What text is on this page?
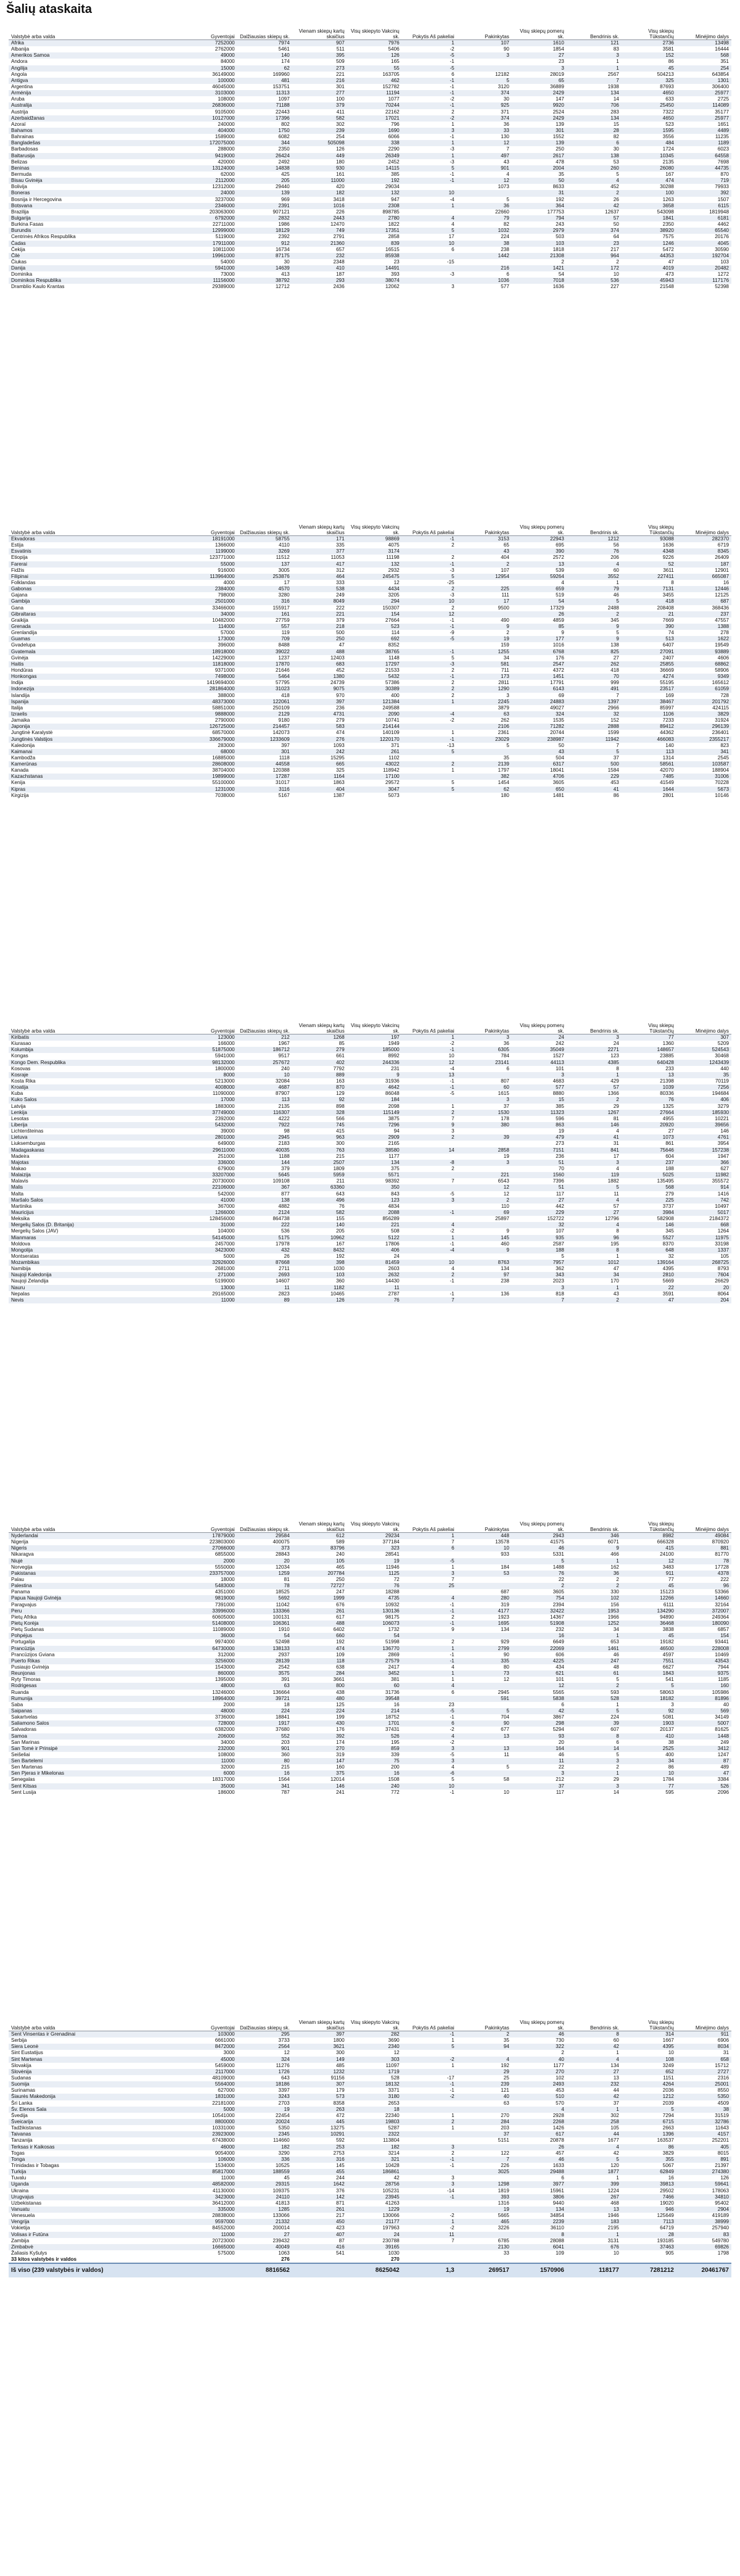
Šalių ataskaita
Valstybė arba valda	Gyventojai	Dalžiausias skiepų sk.	Vienam skiepų kartų skaičius	Visų skiepyto Vakcinų sk.	Pokytis Aš pakeliai	Pakinkytas	Visų skiepų pomerų sk.	Bendrinis sk.	Visų skiepų Tūkstančių	Minėjimo dalys
Afrika	7252000	7974	907	7976	1	107	1610	121	2736	13498
Albanija	2762000	5461	511	5406	-2	90	1854	83	3581	16444
Amerikos Samoa	49000	140	395	126	-5	3	27	3	152	568
Andora	84000	174	509	165	-1		23	1	86	351
Angilija	15000	62	273	55	-5		3	1	45	254
Angola	36149000	169960	221	163705	6	12182	28019	2567	504213	643854
Antigva	100000	481	216	462	-1	5	65	7	325	1301
Argentina	46045000	153751	301	152782	-1	3120	36889	1938	87693	306400
Armėnija	3103000	11313	277	11194	-1	374	2429	134	4650	25977
Aruba	108000	1097	100	1077	-2	30	147	14	633	2725
Australija	26836000	71188	379	70244	-1	925	9920	706	25450	114089
Austrija	9105000	22443	411	22162	2	371	2524	283	7322	35177
Azerbaidžanas	10127000	17396	582	17021	-2	374	2429	134	4650	25977
Azoraï	240000	802	302	796	1	36	139	15	523	1651
Bahamos	404000	1750	239	1690	3	33	301	28	1595	4489
Bahrainas	1589000	6082	254	6066	-1	130	1552	82	3556	11235
Bangladešas	172075000	344	505098	338	1	12	139	6	484	1189
Barbadosas	288000	2350	126	2290	-3	7	250	30	1724	6023
Baltarusija	9419000	26424	449	26349	1	497	2617	138	10345	64558
Belizas	420000	2492	180	2452	-3	43	478	53	2135	7698
Beninas	13124000	14838	930	14115	5	901	2004	260	26080	44735
Bermuda	62000	425	161	385	-1	4	35	5	167	870
Bisau Gvinėja	2112000	205	11000	192	-1	12	50	4	474	719
Bolivija	12312000	29440	420	29034		1073	8633	452	30288	79933
Boneras	24000	139	182	132	10		31	2	100	392
Bosnija ir Hercegovina	3237000	969	3418	947	-4	5	192	26	1263	1507
Botsvana	2346000	2391	1016	2308	1	36	364	42	3658	6115
Brazilija	203063000	907121	226	898785		22660	177753	12637	543098	1819948
Bulgarija	6792000	2832	2443	2780	4	79	794	57	1841	6181
Burkina Fasas	22711000	1986	12470	1822	4	82	243	50	2350	4462
Burundis	12999000	18129	749	17351	5	1032	2979	374	38920	65540
Centrinės Afrikos Respublika	5119000	2392	2791	2858	17	224	503	64	7575	20176
Čadas	17911000	912	21360	839	10	38	103	23	1246	4045
Čekija	10811000	16734	657	16515	6	238	1818	217	5472	30590
Čilė	19961000	87175	232	85938		1442	21308	964	44353	192704
Čiukas	54000	30	2348	23	-15		2	2	47	103
Danija	5941000	14639	410	14491		216	1421	172	4019	20482
Dominika	73000	413	187	393	-3	6	54	10	473	1272
Dominikos Respublika	11156000	38792	293	38074		1036	7018	536	45943	117176
Dramblio Kaulo Krantas	29389000	12712	2436	12062	3	577	1636	227	21548	52398
Valstybė arba valda	Gyventojai	Dalžiausias skiepų sk.	Vienam skiepų kartų skaičius	Visų skiepyto Vakcinų sk.	Pokytis Aš pakeliai	Pakinkytas	Visų skiepų pomerų sk.	Bendrinis sk.	Visų skiepų Tūkstančių	Minėjimo dalys
Ekvadoras	18191000	58755	171	98869	-1	3153	22943	1212	93088	282370
Estija	1366000	4110	335	4075	2	65	695	56	1636	6719
Esvatinis	1199000	3269	377	3174		43	390	76	4348	8345
Etiopija	123771000	11512	11053	11198	2	404	2572	206	9226	26409
Farerai	55000	137	417	132	-1	2	13	4	52	187
Fidžis	916000	3005	312	2932	-3	107	539	60	3611	12901
Filipinai	113964000	253876	464	245475	5	12954	59264	3552	227411	665087
Folklandas	4000	17	333	12	-25		4	1	8	16
Gabonas	2384000	4570	538	4434	2	225	659	79	7131	12446
Gajana	798000	3280	249	3205	-3	111	519	46	3455	12125
Gambija	2501000	316	8049	294	10	17	54	5	418	687
Gana	33466000	155917	222	150307	2	9500	17329	2488	208408	368436
Gibraltaras	34000	161	221	154	12		26	2	21	237
Graikija	10482000	27759	379	27664	-1	490	4859	345	7669	47557
Grenada	114000	557	218	523	-1	9	85	9	390	1388
Grenlandija	57000	119	500	114	-9	2	9	5	74	278
Guamas	173000	709	250	692	-5	19	177	9	513	1622
Gvadelupa	396000	8488	47	8352		159	1016	138	6407	19549
Gvatemala	18918000	39022	488	38765	-1	1255	6768	825	27091	93889
Gvinėja	14229000	1237	12403	1148	5	34	176	27	2407	4606
Haitis	11818000	17870	683	17297	-3	581	2547	262	25855	68862
Hondūras	9371000	21646	452	21533	2	711	4372	418	36669	58906
Honkongas	7498000	5464	1380	5432	-1	173	1451	70	4274	9349
Indija	1419694000	57795	24739	57386	2	2811	17791	999	55195	165612
Indonezija	281864000	31023	9075	30389	2	1290	6143	491	23517	61059
Islandija	388000	418	970	400	2	3	69	7	169	728
Ispanija	48373000	122061	397	121384	1	2245	24883	1397	38467	201792
Italija	58851000	250109	236	249588		3879	49027	2966	85997	424115
Izraelis	9888000	2129	4731	2090	-4	63	324	32	1106	3829
Jamaika	2790000	9180	279	10741	-2	262	1535	152	7233	31924
Japonija	126725000	214457	583	214144		2106	71282	2888	89412	296139
Jungtinė Karalystė	68570000	142073	474	140109	1	2361	20744	1599	44362	236401
Jungtinės Valstijos	336679000	1233609	276	1220170	-1	23029	238987	11942	466083	2355217
Kaledonija	283000	397	1093	371	-13	5	50	7	140	823
Kaimanai	68000	301	242	261	5		43	5	113	341
Kambodža	16885000	1118	15295	1102		35	504	37	1314	2545
Kamerūnas	28608000	44558	665	43022	2	2139	6317	500	58561	103587
Kanada	38704000	120388	325	118942	1	1797	18041	1584	42070	188904
Kazachstanas	19899000	17287	1164	17100		382	4706	229	7485	31006
Kenija	55100000	31017	1863	29572	5	1454	3605	453	41549	70228
Kipras	1231000	3116	404	3047	5	62	650	41	1644	5673
Kirgizija	7038000	5167	1387	5073		180	1481	86	2801	10146
Valstybė arba valda	Gyventojai	Dalžiausias skiepų sk.	Vienam skiepų kartų skaičius	Visų skiepyto Vakcinų sk.	Pokytis Aš pakeliai	Pakinkytas	Visų skiepų pomerų sk.	Bendrinis sk.	Visų skiepų Tūkstančių	Minėjimo dalys
Kiribatis	123000	212	1268	197	1	3	24	3	77	307
Kiurasao	166000	1967	85	1949	-2	36	242	24	1360	5209
Kolumbija	51875000	186712	279	185000	-1	6305	35049	2271	148657	524543
Kongas	5941000	9517	661	8992	10	784	1527	123	23885	30468
Kongo Dem. Respublika	98132000	257672	402	244336	12	23141	44113	4385	640428	1243439
Kosovas	1800000	240	7792	231	-4	6	101	8	233	440
Kosraje	8000	10	889	9	13		3	1	13	35
Kosta Rika	5213000	32084	163	31936	-1	807	4683	429	21398	70119
Kroatija	4008000	4687	870	4642	-1	60	577	57	1039	7256
Kuba	11090000	87907	129	86048	-5	1615	8880	1366	80336	194684
Kuko Salos	17000	113	92	184		3	15	2	76	406
Latvija	1883000	2135	898	2098	1	37	385	29	1325	3279
Lenkija	37749000	116307	328	115149	2	1530	11323	1267	27664	185930
Lesotas	2392000	4222	566	3875	7	178	596	81	4955	10221
Liberija	5432000	7922	745	7296	9	380	863	146	20920	39656
Lichtenšteinas	39000	98	415	94	3		19	4	27	146
Lietuva	2801000	2945	963	2909	2	39	479	41	1073	4761
Liuksemburgas	649000	2183	300	2165			273	31	861	3954
Madagaskaras	29611000	40035	763	38580	14	2858	7151	841	75646	157238
Madeira	251000	1188	215	1177		19	236	17	604	1947
Majotas	336000	144	2507	134	-8	3	51	3	237	366
Makao	679000	379	1809	375	2		70	4	188	627
Malaizija	33207000	5645	5959	5571		221	1560	119	5025	11982
Malavis	20730000	109108	211	98392	7	6543	7396	1882	135495	355572
Malis	22106000	367	63360	350		12	51	5	568	914
Malta	542000	877	643	843	-5	12	117	11	279	1416
Maršalo Salos	41000	138	496	123	3	2	27	4	225	742
Martinika	367000	4882	76	4834		110	442	57	3737	10497
Mauricijus	1266000	2124	582	2088	-1	69	229	27	3984	5017
Meksika	128456000	864738	155	856289		25897	152722	12796	582908	2184372
Mergelių Salos (D. Britanija)	31000	222	140	221	4		32	4	146	668
Mergelių Salos (JAV)	104000	536	205	508	-2	9	107	8	345	1264
Mianmaras	54145000	5175	10962	5122	1	145	935	96	5527	11975
Moldova	2457000	17978	167	17806	-1	460	2587	195	8370	33198
Mongolija	3423000	432	8432	406	-4	9	188	8	648	1337
Montseratas	5000	26	192	24			5	1	32	105
Mozambikas	32926000	87668	398	81459	10	8763	7957	1012	139164	268725
Namibija	2681000	2711	1030	2603	4	134	362	47	4395	8793
Naujoji Kaledonija	271000	2693	103	2632	2	97	343	34	2810	7604
Naujoji Zelandija	5199000	14607	360	14430	-1	238	2023	170	5669	26629
Nauru	13000	11	1182	11			3	1	22	20
Nepalas	29165000	2823	10465	2787	-1	136	818	43	3591	8064
Nevis	11000	89	126	76	7		7	2	47	204
Valstybė arba valda	Gyventojai	Dalžiausias skiepų sk.	Vienam skiepų kartų skaičius	Visų skiepyto Vakcinų sk.	Pokytis Aš pakeliai	Pakinkytas	Visų skiepų pomerų sk.	Bendrinis sk.	Visų skiepų Tūkstančių	Minėjimo dalys
Nyderlandai	17879000	29584	612	29234	1	448	2943	346	8982	49084
Nigerija	223803000	400075	589	377184	7	13578	41575	6071	666328	870920
Nigeris	27066000	373	83796	323	6	10	46	9	415	881
Nikaragva	6855000	28843	240	28541		933	5331	466	24100	81770
Niujė	2000	20	105	19	-5		5	1	12	78
Norvegija	5550000	12034	465	11946	1	184	1488	162	3483	17728
Pakistanas	233757000	1259	207784	1125	3	53	76	36	911	4378
Palau	18000	81	250	72	7		22	2	77	222
Palestina	5483000	78	72727	76	25		2	2	45	96
Panama	4351000	18525	247	18288		687	3605	330	15123	53366
Papua Naujoji Gvinėja	9819000	5692	1999	4735	4	280	754	102	12266	14660
Paragvajus	7391000	11042	676	10932	-1	319	2394	156	6111	32164
Peru	33996000	133366	261	130136	-1	4177	32422	1953	134290	372007
Pietų Afrika	60605000	100131	617	98175	2	1923	14367	1966	94890	249364
Pietų Korėja	51408000	106361	488	106073	-1	1695	51908	1252	36468	180090
Pietų Sudanas	11089000	1910	6402	1732	9	134	232	34	3838	6857
Pohpėjus	36000	54	660	54			16	1	45	154
Portugalija	9974000	52498	192	51998	2	929	6649	653	19182	93441
Prancūzija	64730000	138133	474	136770	1	2799	22069	1461	46500	228008
Prancūzijos Gviana	312000	2937	109	2869	-1	90	606	46	4597	10469
Puerto Rikas	3256000	28139	118	27579	-1	335	4225	247	7551	43543
Pusiaujo Gvinėja	1543000	2542	638	2417	4	80	434	48	6627	7944
Reunjonas	860000	3575	284	3452	1	73	621	61	1843	9375
Ryty Timoras	1395000	391	3661	381	1	12	101	5	541	1185
Rodrigesas	48000	63	800	60	4		12	2	5	160
Ruanda	13246000	136664	438	31736	6	2945	5565	593	58063	105986
Rumunija	18964000	39721	480	39548		591	5838	528	18182	81896
Saba	2000	18	125	16	23		6	1	3	40
Saipanas	48000	224	224	214	-5	5	42	5	92	569
Sakartvelas	3736000	18841	199	18752	-1	704	3867	224	5081	34149
Saliamono Salos	728000	1917	430	1701	6	90	298	39	1903	5007
Salvadoras	6382000	37680	176	37431	-2	677	5294	607	20137	81625
Samoa	206000	552	392	526	4	13	93	8	410	1448
San Marinas	34000	203	174	195	-2		20	6	38	249
San Tomė ir Prinsipė	232000	901	270	859	3	13	164	14	2525	3412
Seišeliai	108000	360	319	339	-5	11	46	5	400	1247
Sen Bartelemi	11000	80	147	75	3		11	3	34	87
Sen Martenas	32000	215	160	200	4	5	22	2	86	489
Sen Pjeras ir Mikelonas	6000	16	375	16	-6		3	1	10	47
Senegalas	18317000	1564	12014	1508	5	58	212	29	1784	3384
Sent Kitsas	35000	341	146	240	10		37	3	77	526
Sent Lusija	186000	787	241	772	-1	10	117	14	595	2096
Valstybė arba valda	Gyventojai	Dalžiausias skiepų sk.	Vienam skiepų kartų skaičius	Visų skiepyto Vakcinų sk.	Pokytis Aš pakeliai	Pakinkytas	Visų skiepų pomerų sk.	Bendrinis sk.	Visų skiepų Tūkstančių	Minėjimo dalys
Sent Vinsentas ir Grenadinai	103000	295	397	282	-1	2	46	8	314	911
Serbija	6661000	3733	1800	3690	1	35	730	60	1667	6906
Siera Leonė	8472000	2564	3621	2340	5	94	322	42	4395	8034
Sint Eustatijus	3000	12	300	12			2	1	10	31
Sint Martenas	45000	324	149	303	-2	4	40	4	108	658
Slovakija	5459000	11276	485	11097	1	192	1177	134	3249	15712
Slovėnija	2117000	1726	1232	1719		29	270	27	652	2727
Sudanas	48109000	643	91156	528	-17	25	102	13	1151	2316
Suomija	5564000	18186	307	18132	-1	239	2493	232	4264	25001
Surinamas	627000	3397	179	3371	-1	121	453	44	2036	8550
Šiaurės Makedonija	1831000	3243	573	3180	-2	40	510	42	1212	5350
Šri Lanka	22181000	2703	8358	2653		63	570	37	2039	4509
Šv. Elenos Sala	5000	19	263	18			4	1	5	38
Švedija	10541000	22454	472	22340	1	270	2928	302	7294	31519
Šveicarija	8800000	20024	445	19803	2	284	2268	258	6715	32786
Tadžikistanas	10331000	5350	13275	5287	1	203	1426	105	2663	11643
Taivanas	23923000	2345	10291	2322		37	617	44	1396	4157
Tanzanija	67438000	114660	592	113804		5151	20878	1677	163537	252201
Terksas ir Kaikosas	46000	182	253	182	3		26	4	86	405
Togas	9054000	3290	2753	3214	2	122	457	42	3829	8015
Tonga	106000	336	316	321	-1	7	46	5	355	891
Trinidadas ir Tobagas	1534000	10525	145	10428	-1	226	1633	120	5067	21397
Turkija	85817000	188559	455	186861		3025	29488	1877	62849	274380
Tuvalu	11000	45	244	42	3		6	1	16	126
Uganda	48582000	29315	1642	28756	3	1298	3977	399	39813	59641
Ukraina	41130000	109375	376	105231	-14	1819	15961	1224	29502	178063
Urugvajus	3423000	24110	142	23945	-1	393	3806	267	7466	34810
Uzbekistanas	36412000	41813	871	41263		1316	9440	468	19020	95402
Vanuatu	335000	1285	261	1229		19	134	13	946	2904
Venesuela	28838000	133066	217	130066	-2	5665	34854	1946	125649	419189
Vengrija	9597000	21332	450	21177	1	465	2239	183	7113	38999
Vokietija	84552000	200014	423	197963	-2	3226	36110	2195	64719	257940
Volisas ir Futūna	11000	27	407	24	11		8	1	28	83
Zambija	20723000	239432	87	230788	7	6785	28088	3131	193185	549780
Zimbabvė	16665000	40049	416	39165		2130	6041	676	37463	69826
Žaliasis Kyšulys	575000	1063	541	1030		33	109	10	905	1798
33 kitos valstybės ir valdos		276		270						
Iš viso (239 valstybės ir valdos)		8816562		8625042	1,3	269517	1570906	118177	7281212	20461767
